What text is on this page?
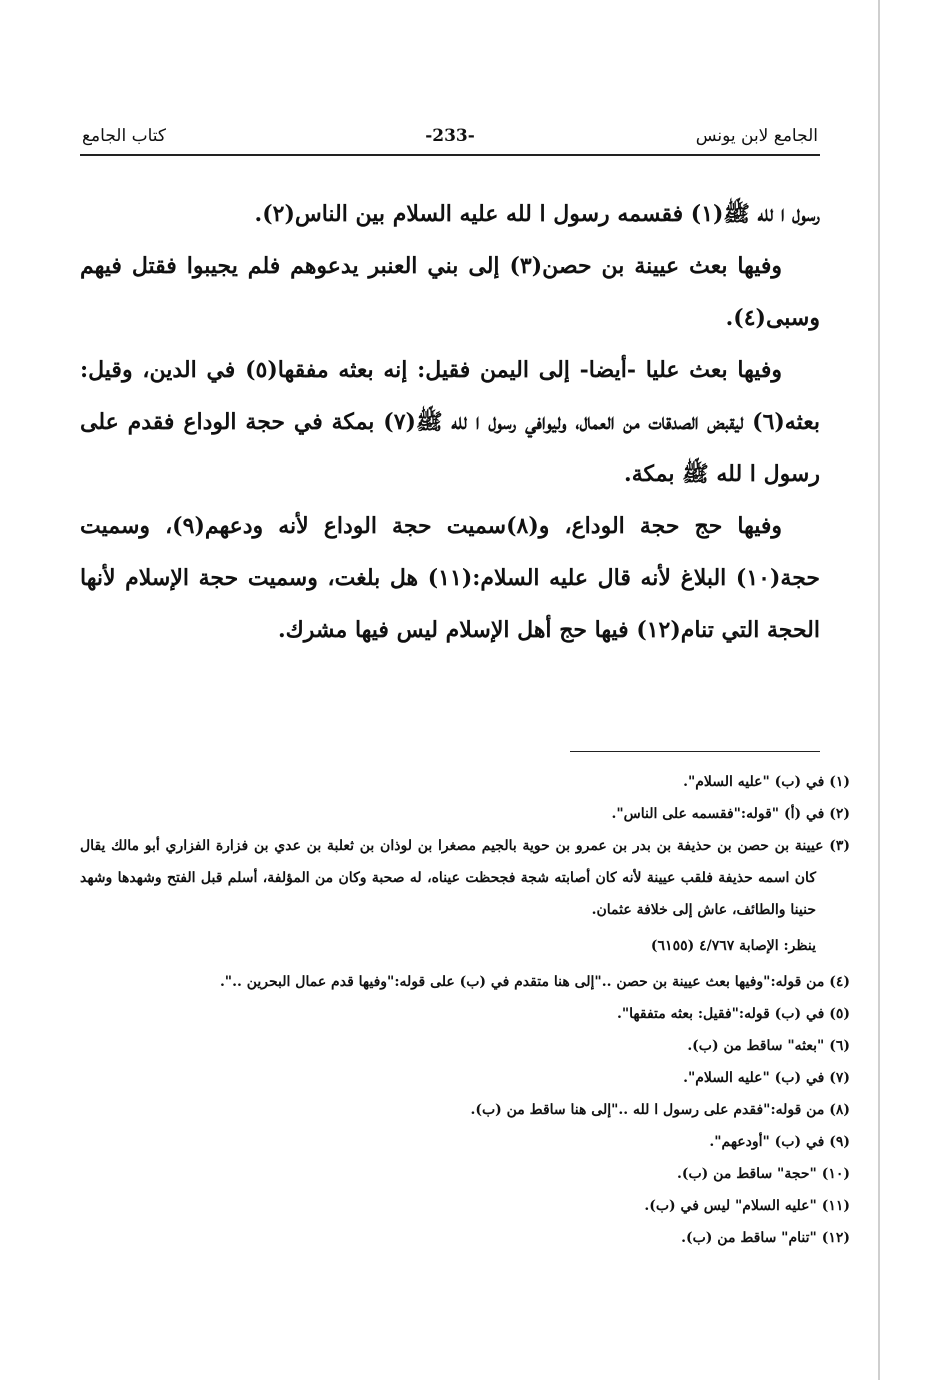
الجامع لابن يونس
-233-
كتاب الجامع

رسول ا لله ﷺ(١) فقسمه رسول ا لله عليه السلام بين الناس(٢).

وفيها بعث عيينة بن حصن(٣) إلى بني العنبر يدعوهم فلم يجيبوا فقتل فيهم وسبى(٤).

وفيها بعث عليا -أيضا- إلى اليمن فقيل: إنه بعثه مفقها(٥) في الدين، وقيل: بعثه(٦) ليقبض الصدقات من العمال، وليوافي رسول ا لله ﷺ(٧) بمكة في حجة الوداع فقدم على رسول ا لله ﷺ بمكة.

وفيها حج حجة الوداع، و(٨)سميت حجة الوداع لأنه ودعهم(٩)، وسميت حجة(١٠) البلاغ لأنه قال عليه السلام:(١١) هل بلغت، وسميت حجة الإسلام لأنها الحجة التي تنام(١٢) فيها حج أهل الإسلام ليس فيها مشرك.

(١) في (ب) "عليه السلام".

(٢) في (أ) "قوله:"فقسمه على الناس".

(٣) عيينة بن حصن بن حذيفة بن بدر بن عمرو بن حوية بالجيم مصغرا بن لوذان بن ثعلبة بن عدي بن فزارة الفزاري أبو مالك يقال كان اسمه حذيفة فلقب عيينة لأنه كان أصابته شجة فجحظت عيناه، له صحبة وكان من المؤلفة، أسلم قبل الفتح وشهدها وشهد حنينا والطائف، عاش إلى خلافة عثمان.

ينظر: الإصابة ٤/٧٦٧ (٦١٥٥)

(٤) من قوله:"وفيها بعث عيينة بن حصن .."إلى هنا متقدم في (ب) على قوله:"وفيها قدم عمال البحرين ..".

(٥) في (ب) قوله:"فقيل: بعثه متفقها".

(٦) "بعثه" ساقط من (ب).

(٧) في (ب) "عليه السلام".

(٨) من قوله:"فقدم على رسول ا لله .."إلى هنا ساقط من (ب).

(٩) في (ب) "أودعهم".

(١٠) "حجة" ساقط من (ب).

(١١) "عليه السلام" ليس في (ب).

(١٢) "تنام" ساقط من (ب).
